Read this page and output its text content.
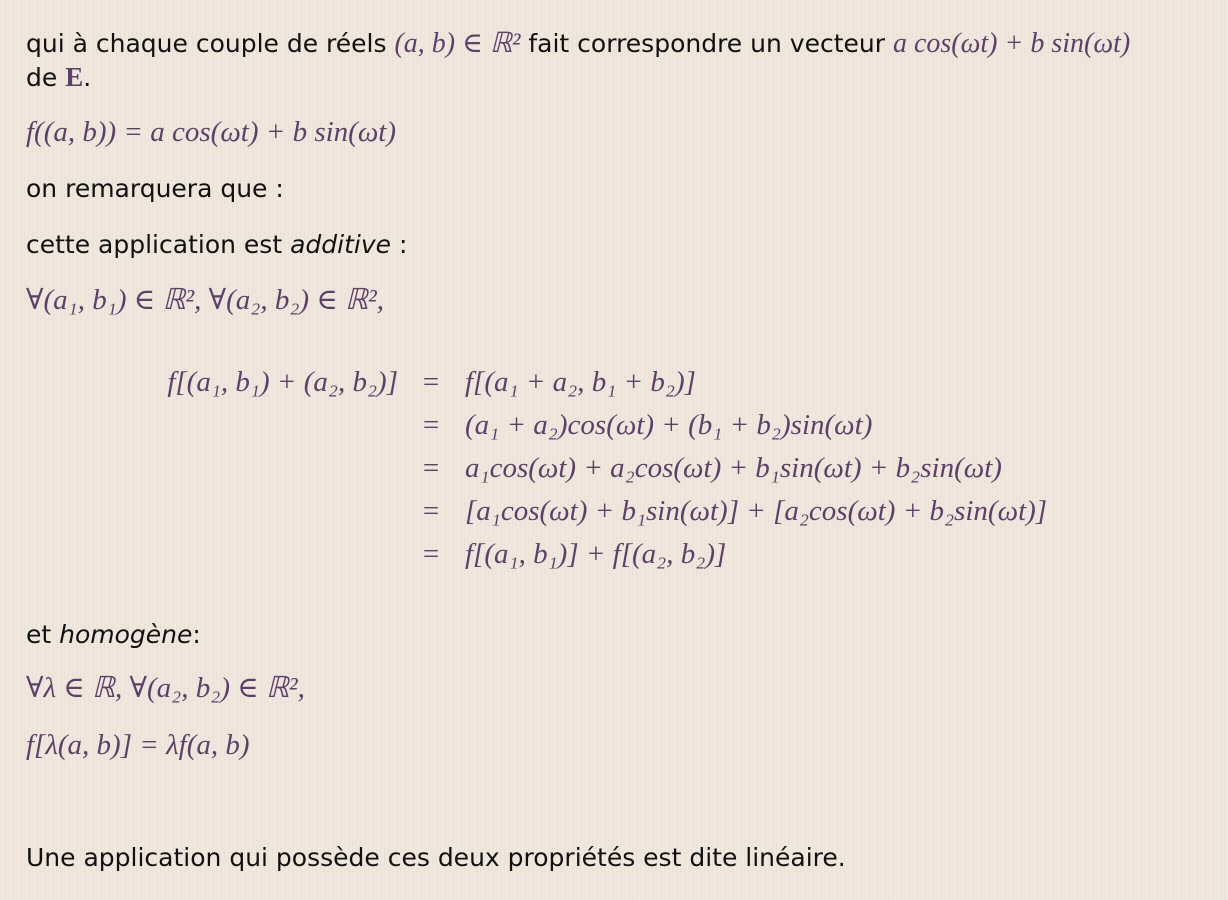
qui à chaque couple de réels (a, b) ∈ ℝ² fait correspondre un vecteur a cos(ωt) + b sin(ωt)
de E.
f((a, b)) = a cos(ωt) + b sin(ωt)
on remarquera que :
cette application est additive :
∀(a₁, b₁) ∈ ℝ², ∀(a₂, b₂) ∈ ℝ²,
f[(a₁, b₁) + (a₂, b₂)] = f[(a₁ + a₂, b₁ + b₂)]
= (a₁ + a₂)cos(ωt) + (b₁ + b₂)sin(ωt)
= a₁cos(ωt) + a₂cos(ωt) + b₁sin(ωt) + b₂sin(ωt)
= [a₁cos(ωt) + b₁sin(ωt)] + [a₂cos(ωt) + b₂sin(ωt)]
= f[(a₁, b₁)] + f[(a₂, b₂)]
et homogène:
∀λ ∈ ℝ, ∀(a₂, b₂) ∈ ℝ²,
f[λ(a, b)] = λf(a, b)
Une application qui possède ces deux propriétés est dite linéaire.
